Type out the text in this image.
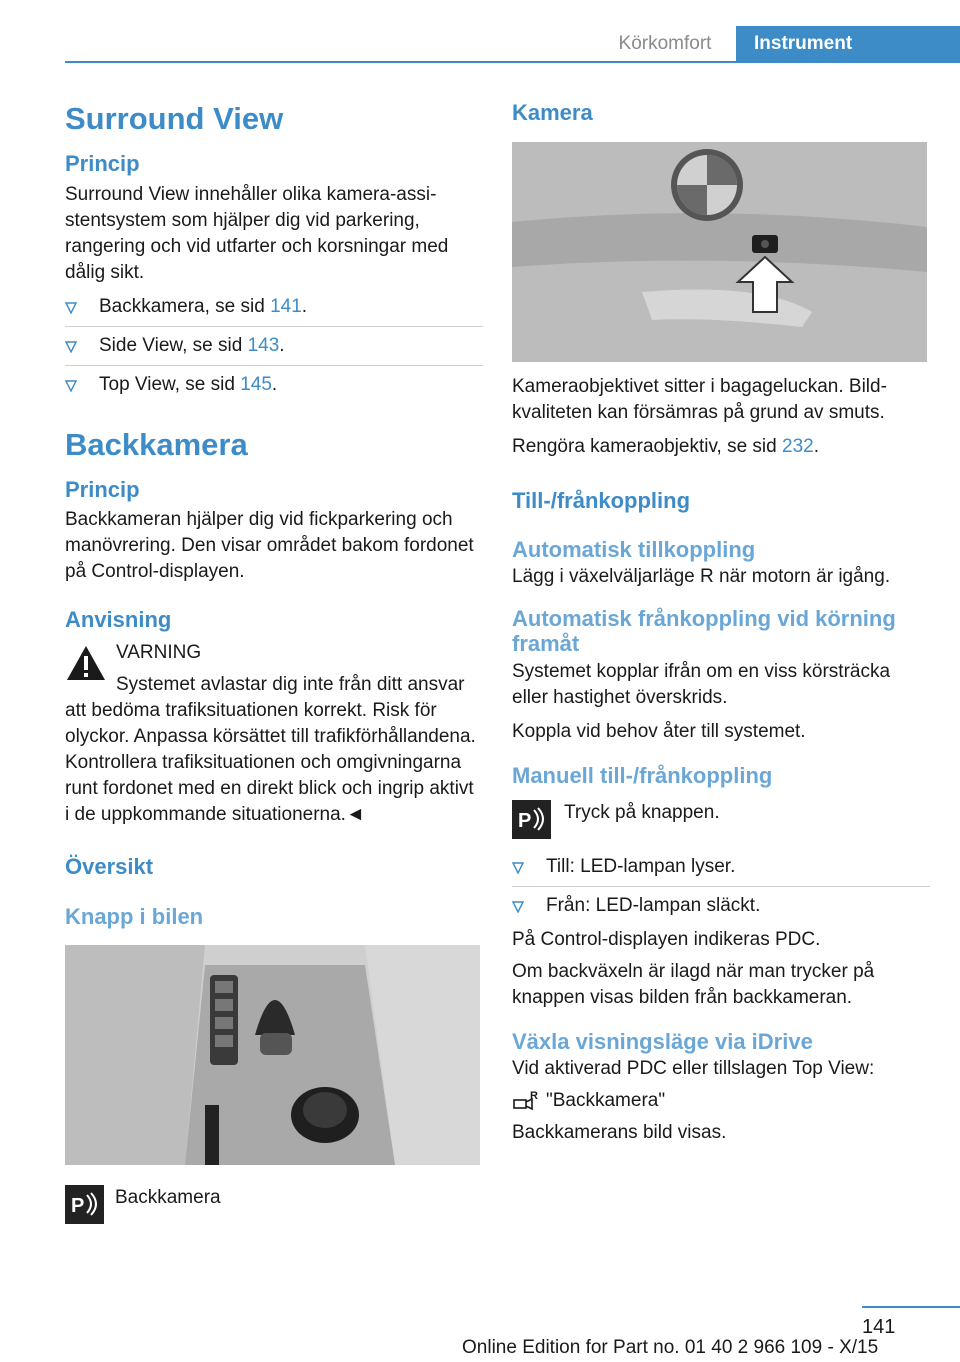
Körkomfort	Instrument
Surround View
Princip

Surround View innehåller olika kamera-assistentsystem som hjälper dig vid parkering, rangering och vid utfarter och korsningar med dålig sikt.

Backkamera, se sid 141.
Side View, se sid 143.
Top View, se sid 145.
Backkamera
Princip

Backkameran hjälper dig vid fickparkering och manövrering. Den visar området bakom fordonet på Control-displayen.

Anvisning

VARNING

Systemet avlastar dig inte från ditt ansvar

att bedöma trafiksituationen korrekt. Risk för olyckor. Anpassa körsättet till trafikförhållandena. Kontrollera trafiksituationen och omgivningarna runt fordonet med en direkt blick och ingrip aktivt i de uppkommande situationerna.◄

Översikt
Knapp i bilen
P Backkamera

Kamera

Kameraobjektivet sitter i bagageluckan. Bildkvaliteten kan försämras på grund av smuts.

Rengöra kameraobjektiv, se sid 232.

Till-/frånkoppling
Automatisk tillkoppling

Lägg i växelväljarläge R när motorn är igång.

Automatisk frånkoppling vid körning framåt

Systemet kopplar ifrån om en viss körsträcka eller hastighet överskrids.

Koppla vid behov åter till systemet.

Manuell till-/frånkoppling
P Tryck på knappen.

Till: LED-lampan lyser.
Från: LED-lampan släckt.

På Control-displayen indikeras PDC.

Om backväxeln är ilagd när man trycker på knappen visas bilden från backkameran.

Växla visningsläge via iDrive

Vid aktiverad PDC eller tillslagen Top View:

R "Backkamera"

Backkamerans bild visas.

141
Online Edition for Part no. 01 40 2 966 109 - X/15
